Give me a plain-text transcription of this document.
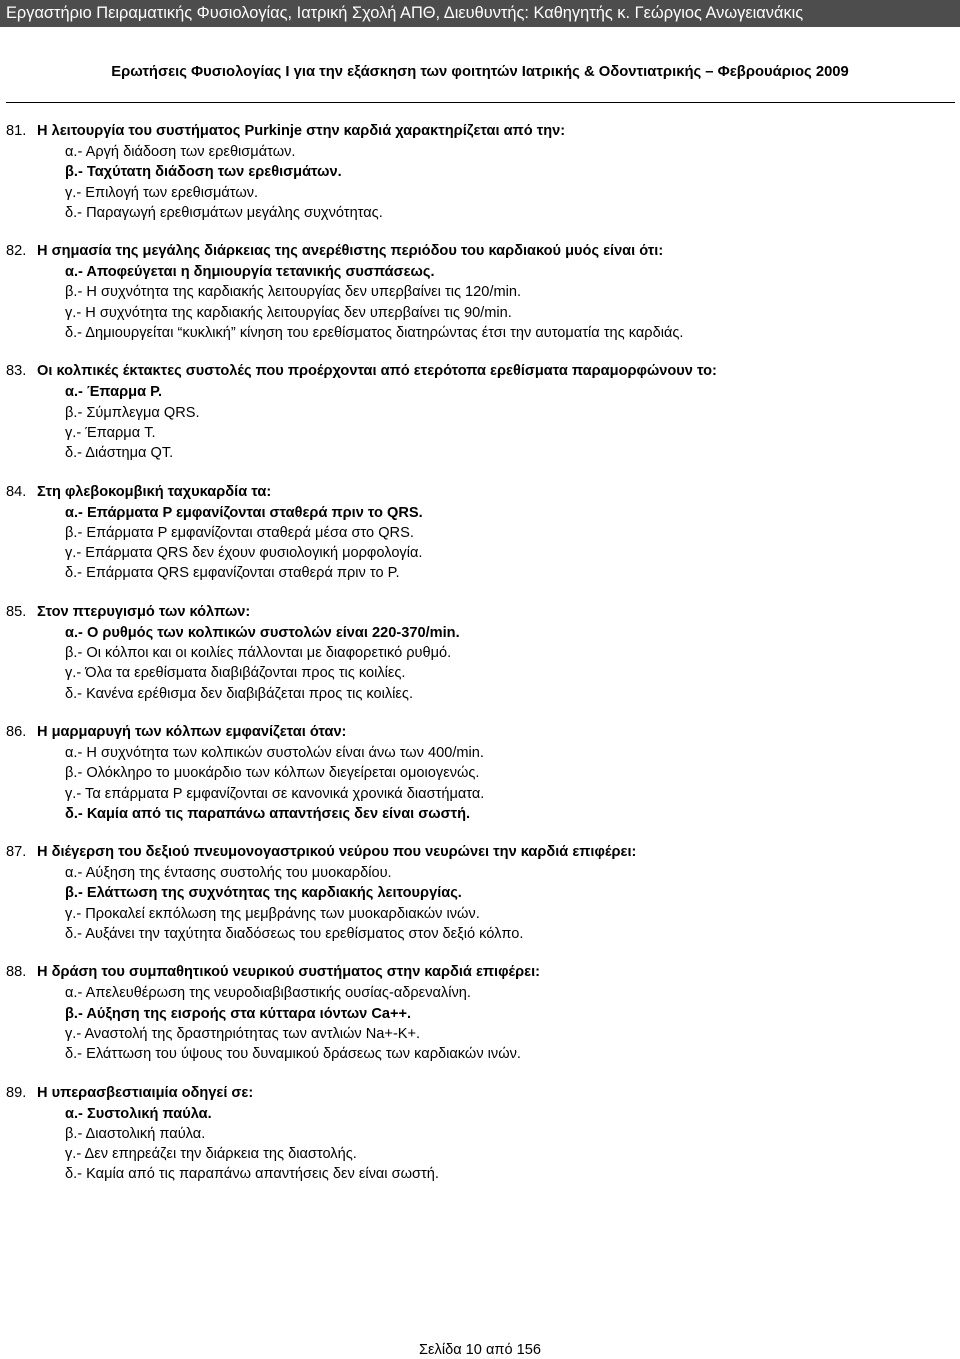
Εργαστήριο Πειραματικής Φυσιολογίας, Ιατρική Σχολή ΑΠΘ, Διευθυντής: Καθηγητής κ. Γεώργιος Ανωγειανάκις
Ερωτήσεις Φυσιολογίας Ι για την εξάσκηση των φοιτητών Ιατρικής & Οδοντιατρικής – Φεβρουάριος 2009
81. Η λειτουργία του συστήματος Purkinje στην καρδιά χαρακτηρίζεται από την:
α.- Αργή διάδοση των ερεθισμάτων.
β.- Ταχύτατη διάδοση των ερεθισμάτων.
γ.- Επιλογή των ερεθισμάτων.
δ.- Παραγωγή ερεθισμάτων μεγάλης συχνότητας.
82. Η σημασία της μεγάλης διάρκειας της ανερέθιστης περιόδου του καρδιακού μυός είναι ότι:
α.- Αποφεύγεται η δημιουργία τετανικής συσπάσεως.
β.- Η συχνότητα της καρδιακής λειτουργίας δεν υπερβαίνει τις 120/min.
γ.- Η συχνότητα της καρδιακής λειτουργίας δεν υπερβαίνει τις 90/min.
δ.- Δημιουργείται “κυκλική” κίνηση του ερεθίσματος διατηρώντας έτσι την αυτοματία της καρδιάς.
83. Οι κολπικές έκτακτες συστολές που προέρχονται από ετερότοπα ερεθίσματα παραμορφώνουν το:
α.- Έπαρμα P.
β.- Σύμπλεγμα QRS.
γ.- Έπαρμα T.
δ.- Διάστημα QT.
84. Στη φλεβοκομβική ταχυκαρδία τα:
α.- Επάρματα P εμφανίζονται σταθερά πριν το QRS.
β.- Επάρματα P εμφανίζονται σταθερά μέσα στο QRS.
γ.- Επάρματα QRS δεν έχουν φυσιολογική μορφολογία.
δ.- Επάρματα QRS εμφανίζονται σταθερά πριν το P.
85. Στον πτερυγισμό των κόλπων:
α.- Ο ρυθμός των κολπικών συστολών είναι 220-370/min.
β.- Οι κόλποι και οι κοιλίες πάλλονται με διαφορετικό ρυθμό.
γ.- Όλα τα ερεθίσματα διαβιβάζονται προς τις κοιλίες.
δ.- Κανένα ερέθισμα δεν διαβιβάζεται προς τις κοιλίες.
86. Η μαρμαρυγή των κόλπων εμφανίζεται όταν:
α.- Η συχνότητα των κολπικών συστολών είναι άνω των 400/min.
β.- Ολόκληρο το μυοκάρδιο των κόλπων διεγείρεται ομοιογενώς.
γ.- Τα επάρματα P εμφανίζονται σε κανονικά χρονικά διαστήματα.
δ.- Καμία από τις παραπάνω απαντήσεις δεν είναι σωστή.
87. Η διέγερση του δεξιού πνευμονογαστρικού νεύρου που νευρώνει την καρδιά επιφέρει:
α.- Αύξηση της έντασης συστολής του μυοκαρδίου.
β.- Ελάττωση της συχνότητας της καρδιακής λειτουργίας.
γ.- Προκαλεί εκπόλωση της μεμβράνης των μυοκαρδιακών ινών.
δ.- Αυξάνει την ταχύτητα διαδόσεως του ερεθίσματος στον δεξιό κόλπο.
88. Η δράση του συμπαθητικού νευρικού συστήματος στην καρδιά επιφέρει:
α.- Απελευθέρωση της νευροδιαβιβαστικής ουσίας-αδρεναλίνη.
β.- Αύξηση της εισροής στα κύτταρα ιόντων Ca++.
γ.- Αναστολή της δραστηριότητας των αντλιών Na+-K+.
δ.- Ελάττωση του ύψους του δυναμικού δράσεως των καρδιακών ινών.
89. Η υπερασβεστιαιμία οδηγεί σε:
α.- Συστολική παύλα.
β.- Διαστολική παύλα.
γ.- Δεν επηρεάζει την διάρκεια της διαστολής.
δ.- Καμία από τις παραπάνω απαντήσεις δεν είναι σωστή.
Σελίδα 10 από 156
